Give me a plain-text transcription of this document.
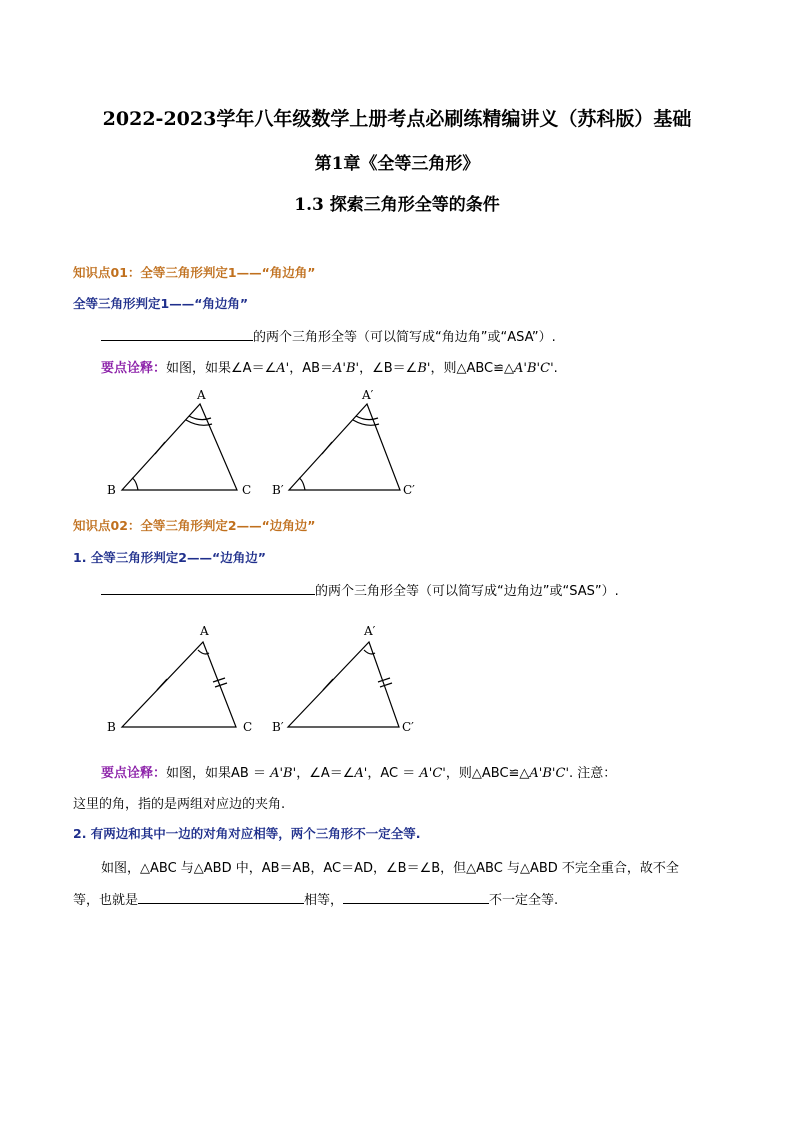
2022-2023学年八年级数学上册考点必刷练精编讲义（苏科版）基础
第1章《全等三角形》
1.3 探索三角形全等的条件
知识点01：全等三角形判定1——“角边角”
全等三角形判定1——“角边角”
的两个三角形全等（可以简写成“角边角”或“ASA”）.
要点诠释：如图，如果∠A＝∠A'，AB＝A'B'，∠B＝∠B'，则△ABC≌△A'B'C'.
A
B	C
A′
B′	C′
知识点02：全等三角形判定2——“边角边”
1. 全等三角形判定2——“边角边”
的两个三角形全等（可以简写成“边角边”或“SAS”）.
A
B	C
A′
B′	C′
要点诠释：如图，如果AB ＝ A'B'，∠A＝∠A'，AC ＝ A'C'，则△ABC≌△A'B'C'. 注意：
这里的角，指的是两组对应边的夹角.
2. 有两边和其中一边的对角对应相等，两个三角形不一定全等.
如图，△ABC 与△ABD 中，AB＝AB，AC＝AD，∠B＝∠B，但△ABC 与△ABD 不完全重合，故不全
等，也就是	相等，	不一定全等.
